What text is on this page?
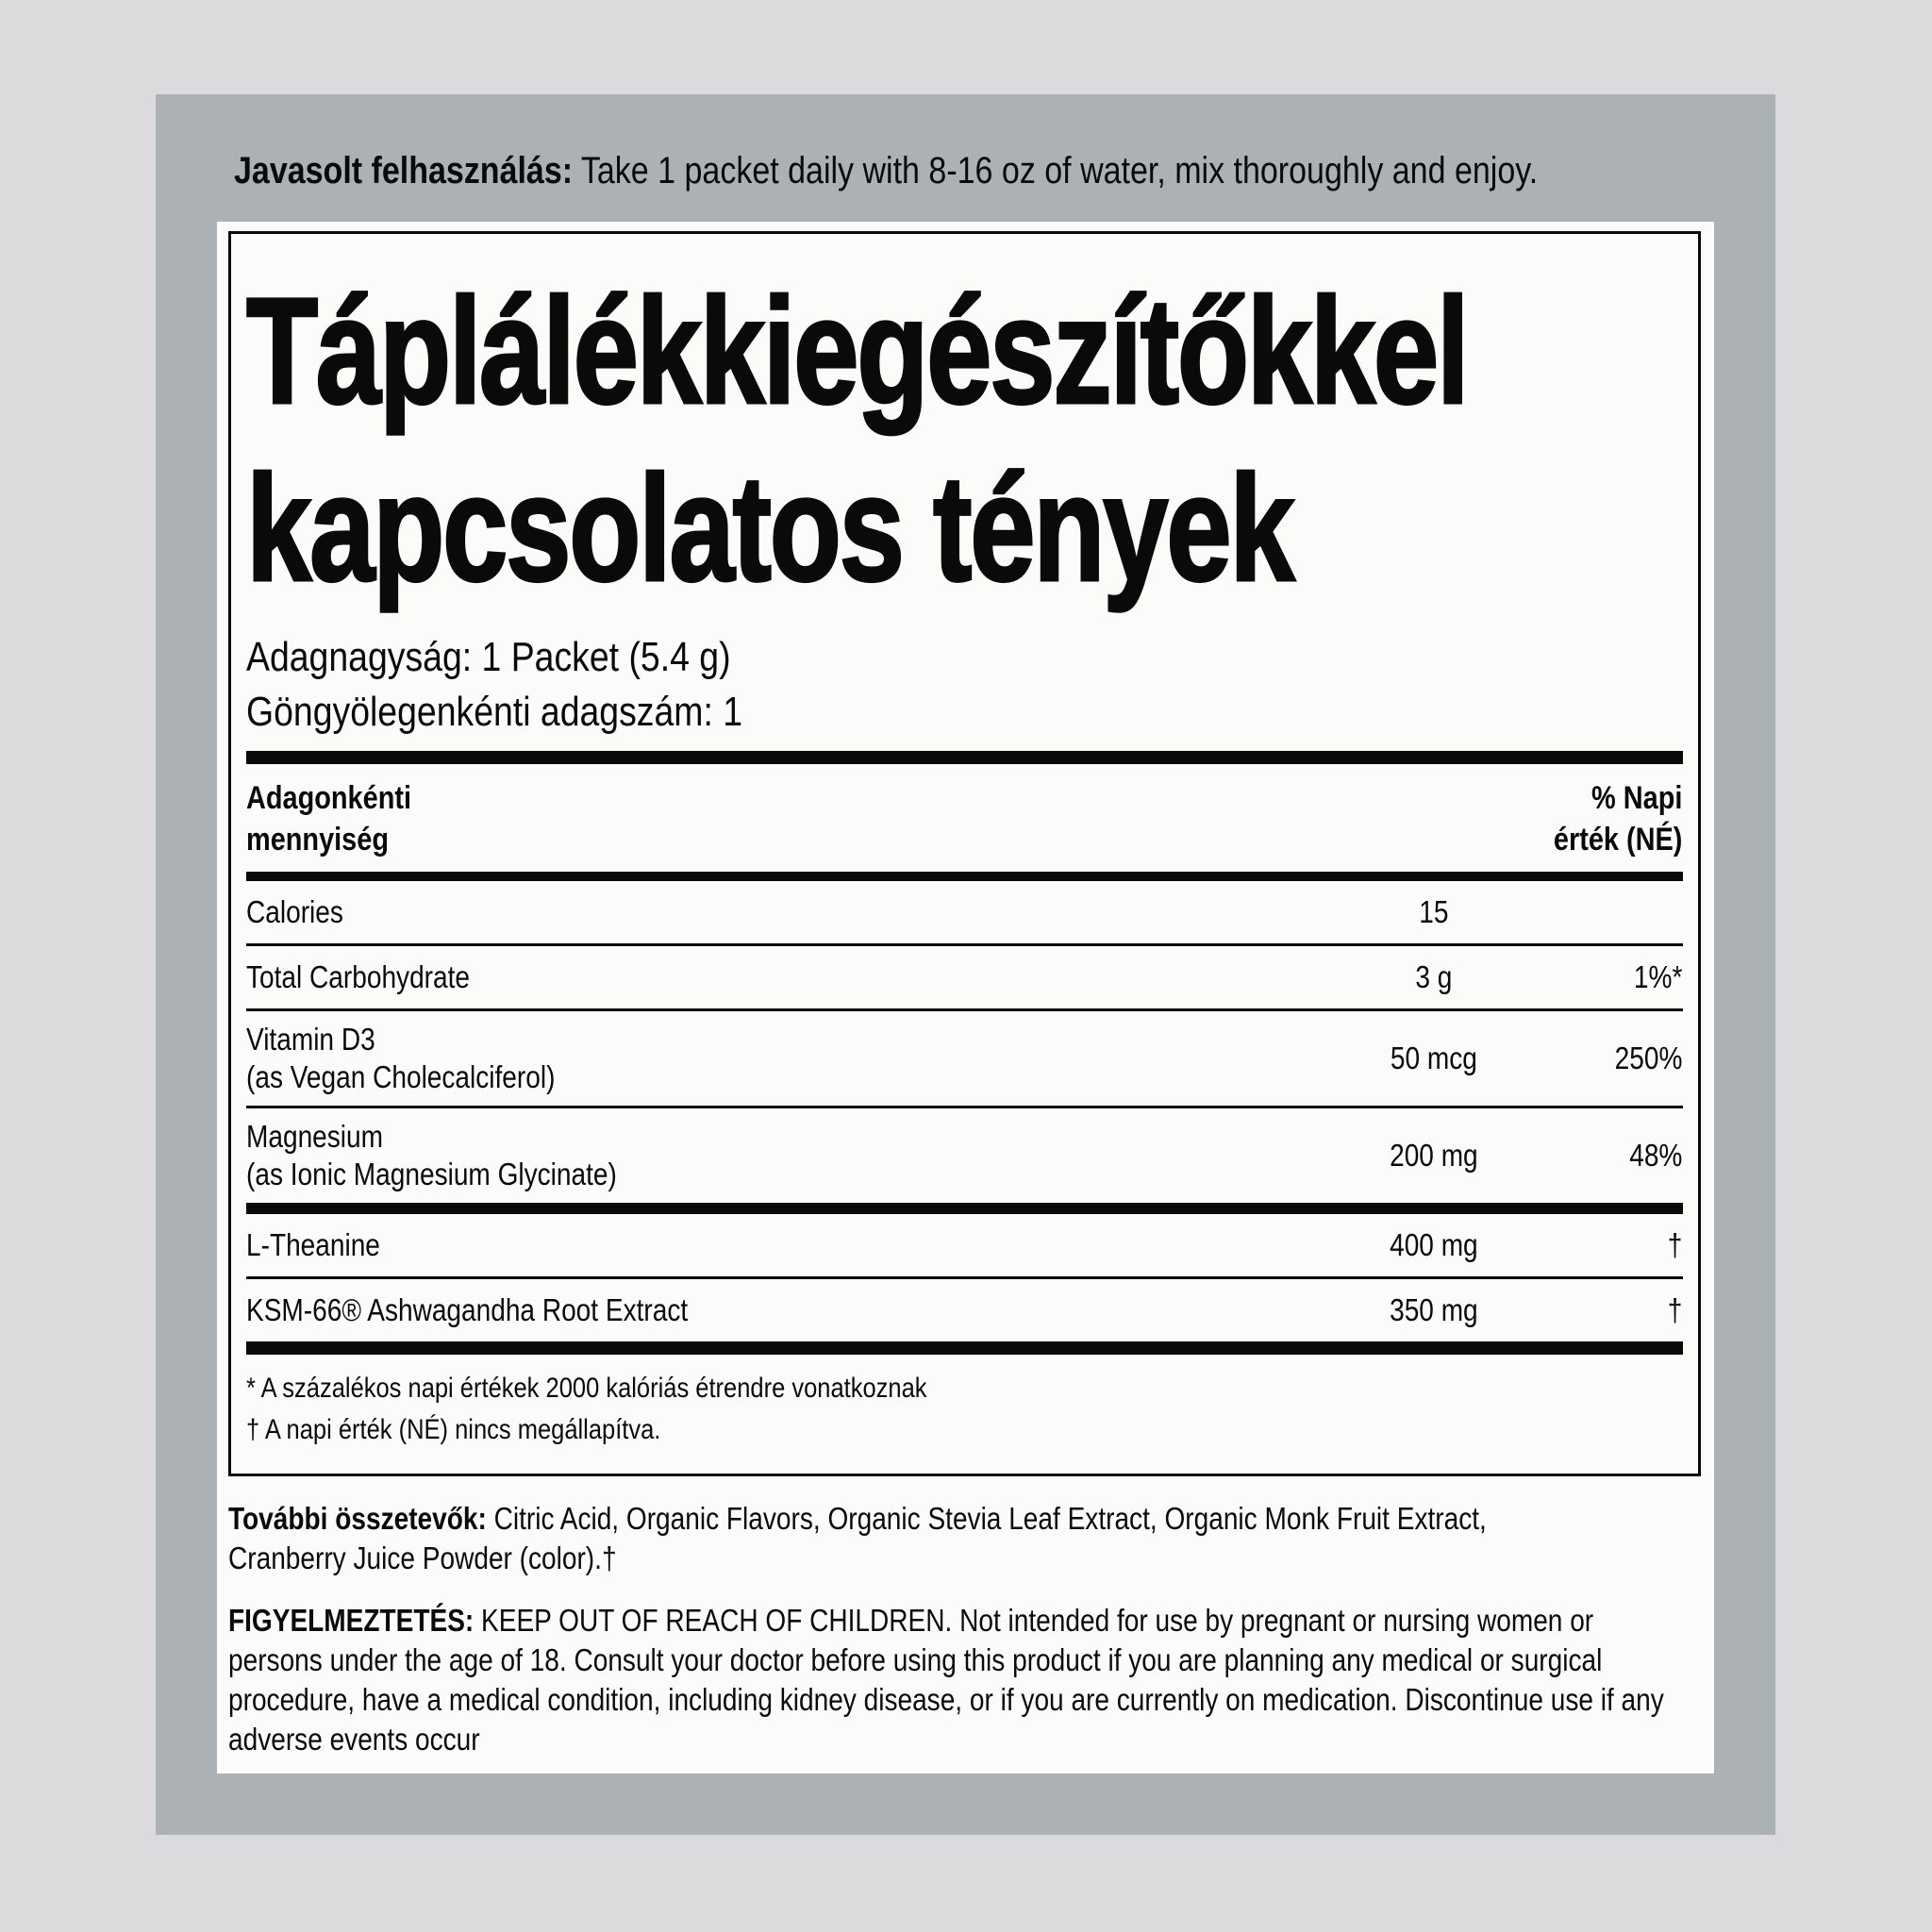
Javasolt felhasználás: Take 1 packet daily with 8-16 oz of water, mix thoroughly and enjoy.
Táplálékkiegészítőkkel
kapcsolatos tények
Adagnagyság: 1 Packet (5.4 g)
Göngyölegenkénti adagszám: 1
Adagonkénti mennyiség
% Napi érték (NÉ)
Calories	15
Total Carbohydrate	3 g	1%*
Vitamin D3
(as Vegan Cholecalciferol)
50 mcg	250%
Magnesium
(as Ionic Magnesium Glycinate)
200 mg	48%
L-Theanine	400 mg	†
KSM-66® Ashwagandha Root Extract	350 mg	†
* A százalékos napi értékek 2000 kalóriás étrendre vonatkoznak
† A napi érték (NÉ) nincs megállapítva.
További összetevők: Citric Acid, Organic Flavors, Organic Stevia Leaf Extract, Organic Monk Fruit Extract, Cranberry Juice Powder (color).†
FIGYELMEZTETÉS: KEEP OUT OF REACH OF CHILDREN. Not intended for use by pregnant or nursing women or persons under the age of 18. Consult your doctor before using this product if you are planning any medical or surgical procedure, have a medical condition, including kidney disease, or if you are currently on medication. Discontinue use if any adverse events occur
